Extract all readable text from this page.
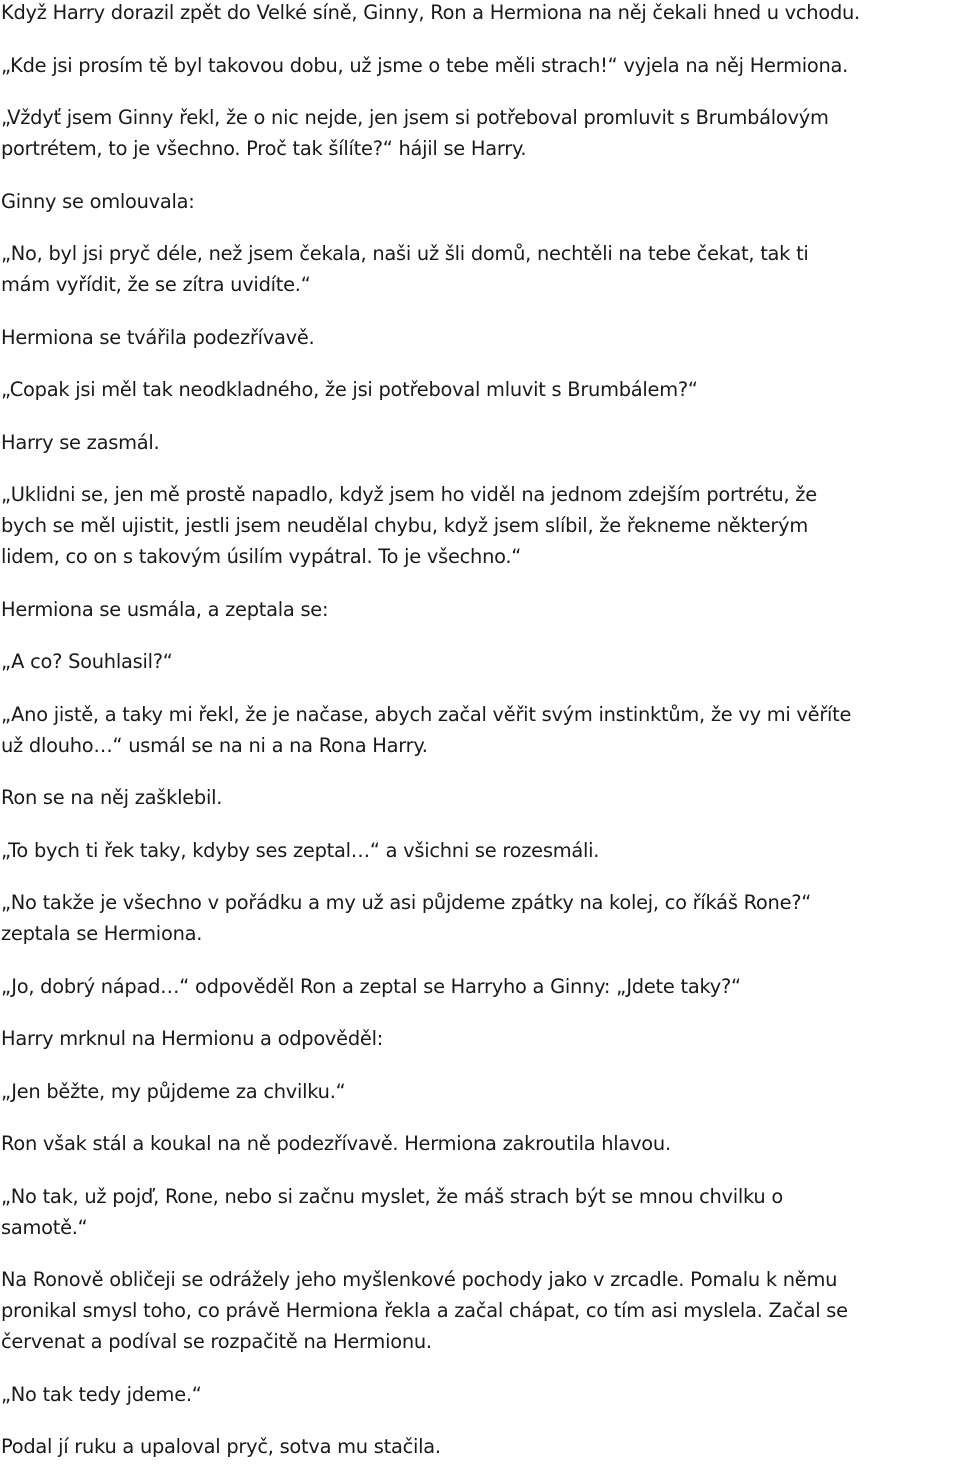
Když Harry dorazil zpět do Velké síně, Ginny, Ron a Hermiona na něj čekali hned u vchodu.
„Kde jsi prosím tě byl takovou dobu, už jsme o tebe měli strach!“ vyjela na něj Hermiona.
„Vždyť jsem Ginny řekl, že o nic nejde, jen jsem si potřeboval promluvit s Brumbálovým
portrétem, to je všechno. Proč tak šílíte?“ hájil se Harry.
Ginny se omlouvala:
„No, byl jsi pryč déle, než jsem čekala, naši už šli domů, nechtěli na tebe čekat, tak ti
mám vyřídit, že se zítra uvidíte.“
Hermiona se tvářila podezřívavě.
„Copak jsi měl tak neodkladného, že jsi potřeboval mluvit s Brumbálem?“
Harry se zasmál.
„Uklidni se, jen mě prostě napadlo, když jsem ho viděl na jednom zdejším portrétu, že
bych se měl ujistit, jestli jsem neudělal chybu, když jsem slíbil, že řekneme některým
lidem, co on s takovým úsilím vypátral. To je všechno.“
Hermiona se usmála, a zeptala se:
„A co? Souhlasil?“
„Ano jistě, a taky mi řekl, že je načase, abych začal věřit svým instinktům, že vy mi věříte
už dlouho…“ usmál se na ni a na Rona Harry.
Ron se na něj zašklebil.
„To bych ti řek taky, kdyby ses zeptal…“ a všichni se rozesmáli.
„No takže je všechno v pořádku a my už asi půjdeme zpátky na kolej, co říkáš Rone?“
zeptala se Hermiona.
„Jo, dobrý nápad…“ odpověděl Ron a zeptal se Harryho a Ginny: „Jdete taky?“
Harry mrknul na Hermionu a odpověděl:
„Jen běžte, my půjdeme za chvilku.“
Ron však stál a koukal na ně podezřívavě. Hermiona zakroutila hlavou.
„No tak, už pojď, Rone, nebo si začnu myslet, že máš strach být se mnou chvilku o
samotě.“
Na Ronově obličeji se odrážely jeho myšlenkové pochody jako v zrcadle. Pomalu k němu
pronikal smysl toho, co právě Hermiona řekla a začal chápat, co tím asi myslela. Začal se
červenat a podíval se rozpačitě na Hermionu.
„No tak tedy jdeme.“
Podal jí ruku a upaloval pryč, sotva mu stačila.
